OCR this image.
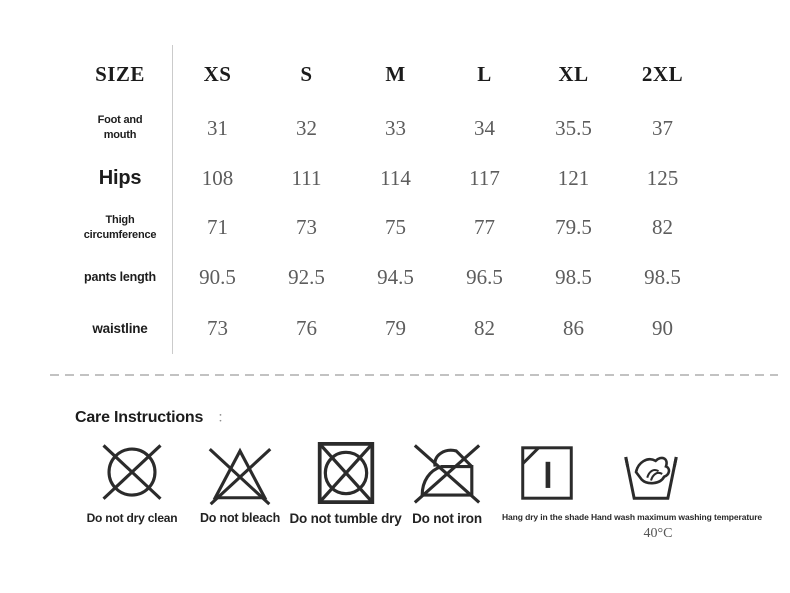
SIZE	XS	S	M	L	XL	2XL
Foot and mouth	31	32	33	34	35.5	37
Hips	108	111	114	117	121	125
Thigh circumference	71	73	75	77	79.5	82
pants length	90.5	92.5	94.5	96.5	98.5	98.5
waistline	73	76	79	82	86	90
Care Instructions ：
Do not dry clean	Do not bleach Do not tumble dry Do not iron	Hang dry in the shade Hand wash maximum washing temperature
40°C
